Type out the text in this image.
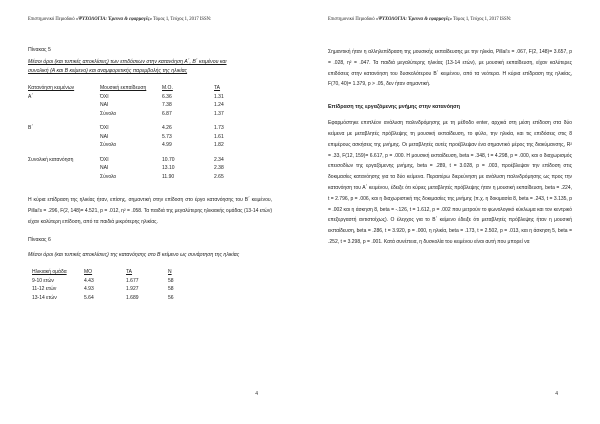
Επιστημονικό Περιοδικό «ΨΥΧΟΛΟΓΙΑ: Έρευνα & εφαρμογές» Τόμος 1, Τεύχος 1, 2017 ISSN:
Πίνακας 5
Μέσοι όροι (και τυπικές αποκλίσεις) των επιδόσεων στην κατανόηση Α΄, Β΄ κειμένου και
συνολική (Α και Β κείμενο) και αναμφορετικής παρεμβολής της ηλικίας
Κατανόηση κειμένων	Μουσική εκπαίδευση	Μ.Ο.	ΤΑ
Α΄	ΌΧΙ	6.36	1.31
	ΝΑΙ	7.38	1.24
	Σύνολο	6.87	1.37

Β΄	ΌΧΙ	4.26	1.73
	ΝΑΙ	5.73	1.61
	Σύνολο	4.99	1.82

Συνολική κατανόηση	ΌΧΙ	10.70	2.34
	ΝΑΙ	13.10	2.38
	Σύνολο	11.90	2.65
Η κύρια επίδραση της ηλικίας ήταν, επίσης, σημαντική στην επίδοση στο έργο κατανόησης του Β΄ κειμένου, Pillai's = .296, F(2, 148)= 4.521, p = .012, η² = .058. Τα παιδιά της μεγαλύτερης ηλικιακής ομάδας (13-14 ετών) είχαν καλύτερη επίδοση, από τα παιδιά μικρότερης ηλικίας.
Πίνακας 6
Μέσοι όροι (και τυπικές αποκλίσεις) της κατανόησης στο Β κείμενο ως συνάρτηση της ηλικίας
Ηλικιακή ομάδα	ΜΟ	ΤΑ	Ν
9-10 ετών	4.43	1.677	58
11-12 ετών	4.93	1.927	58
13-14 ετών	5.64	1.689	56
4
Επιστημονικό Περιοδικό «ΨΥΧΟΛΟΓΙΑ: Έρευνα & εφαρμογές» Τόμος 1, Τεύχος 1, 2017 ISSN:
Σημαντική ήταν η αλληλεπίδραση της μουσικής εκπαίδευσης με την ηλικία, Pillai's = .067, F(2, 148)= 3.657, p = .028, η² = .047. Τα παιδιά μεγαλύτερης ηλικίας (13-14 ετών), με μουσική εκπαίδευση, είχαν καλύτερες επιδόσεις στην κατανόηση του δυσκολότερου Β΄ κειμένου, από τα νεότερα. Η κύρια επίδραση της ηλικίας, F(70, 40)= 1.379, p > .05, δεν ήταν σημαντική.
Επίδραση της εργαζόμενης μνήμης στην κατανόηση
Εφαρμόστηκε επιπλέον ανάλυση παλινδρόμησης με τη μέθοδο enter, αρχικά στη μέση επίδοση στα δύο κείμενα με μεταβλητές πρόβλεψης τη μουσική εκπαίδευση, το φύλο, την ηλικία, και τις επιδόσεις στις 8 επιμέρους ασκήσεις της μνήμης. Οι μεταβλητές αυτές προέβλεψαν ένα σημαντικό μέρος της διακύμανσης, R² = .33, F(12, 159)= 6.617, p = .000. Η μουσική εκπαίδευση, beta = .348, t = 4.298, p = .000, και ο διαχωρισμός επεισοδίων της εργαζόμενης μνήμης, beta = .289, t = 3.028, p = .003, προέβλεψαν την επίδοση στις δοκιμασίες κατανόησης για τα δύο κείμενα. Περαιτέρω διερεύνηση με ανάλυση παλινδρόμησης ως προς την κατανόηση του Α΄ κειμένου, έδειξε ότι κύριες μεταβλητές πρόβλεψης ήταν η μουσική εκπαίδευση, beta = .224, t = 2.796, p = .006, και η διαχωριστική της δοκιμασίες της μνήμης (π.χ. η δοκιμασία 8, beta = .243, t = 3.135, p = .002 και η άσκηση 8, beta = -.126, t = 1.612, p = .002 που μετρούν το φωνολογικό κύκλωμα και τον κεντρικό επεξεργαστή αντιστοίχως). Ο έλεγχος για το Β΄ κείμενο έδειξε ότι μεταβλητές πρόβλεψης ήταν η μουσική εκπαίδευση, beta = .286, t = 3.920, p = .000, η ηλικία, beta = .173, t = 2.502, p = .013, και η άσκηση 5, beta = .252, t = 3.298, p = .001. Κατά συνέπεια, η δυσκολία του κειμένου είναι αυτή που μπορεί να
4
